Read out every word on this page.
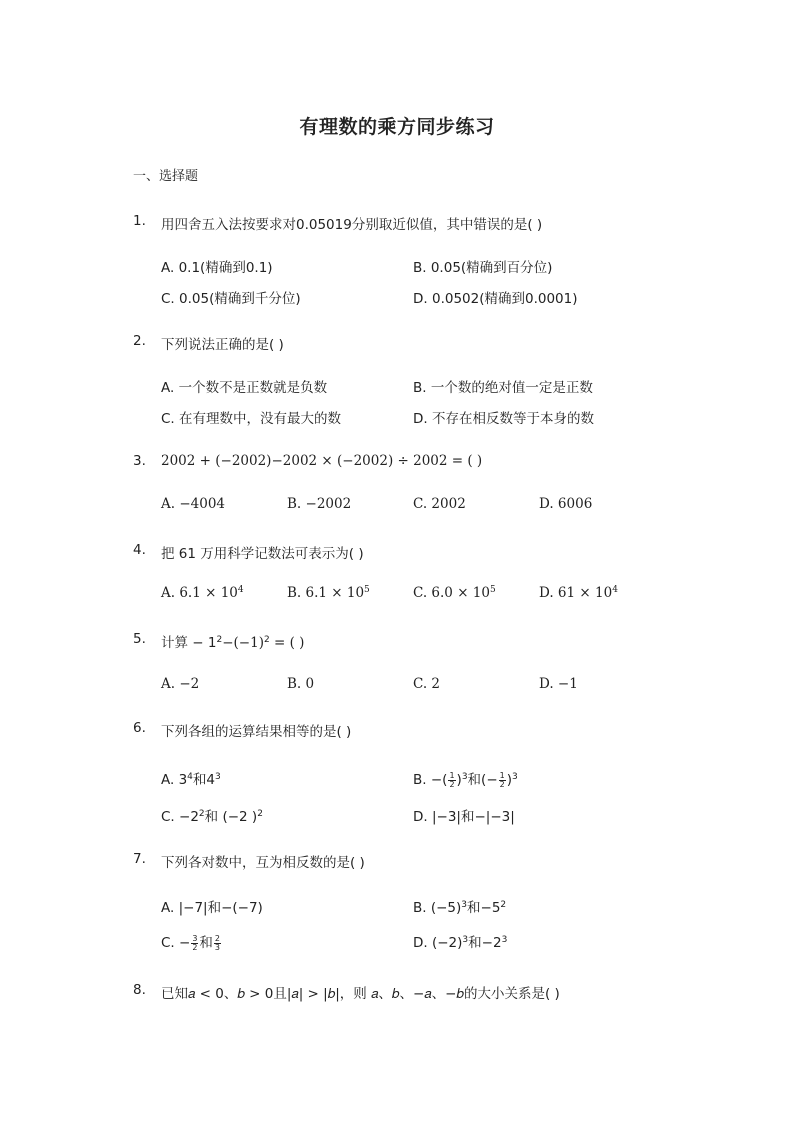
有理数的乘方同步练习
一、选择题
1.	用四舍五入法按要求对0.05019分别取近似值，其中错误的是( )
A. 0.1(精确到0.1)	B. 0.05(精确到百分位)
C. 0.05(精确到千分位)	D. 0.0502(精确到0.0001)
2.	下列说法正确的是( )
A. 一个数不是正数就是负数	B. 一个数的绝对值一定是正数
C. 在有理数中，没有最大的数	D. 不存在相反数等于本身的数
3.	2002 + (−2002)−2002 × (−2002) ÷ 2002 = ( )
A. −4004	B. −2002	C. 2002	D. 6006
4.	把 61 万用科学记数法可表示为( )
A. $6.1 \times 10^4$	B. $6.1 \times 10^5$	C. $6.0 \times 10^5$	D. $61 \times 10^4$
5.	计算 − $1^2-(-1)^2$ = ( )
A. −2	B. 0	C. 2	D. −1
6.	下列各组的运算结果相等的是( )
A. $3^4$和$4^3$	B. −( $\frac{1}{2} )^3$和(− $\frac{1}{2} )^3$
C. $-2^2$和 (−2 )$^2$	D. |−3|和−|−3|
7.	下列各对数中，互为相反数的是( )
A. |−7|和−(−7)	B. $(-5)^3$和$-5^2$
C. − $\frac{3}{2}$ 和 $\frac{2}{3}$	D. $(-2)^3$和$-2^3$
8.	已知𝑎 < 0、𝑏 > 0且|𝑎| > |𝑏|，则 𝑎、𝑏、−𝑎、−𝑏的大小关系是( )
